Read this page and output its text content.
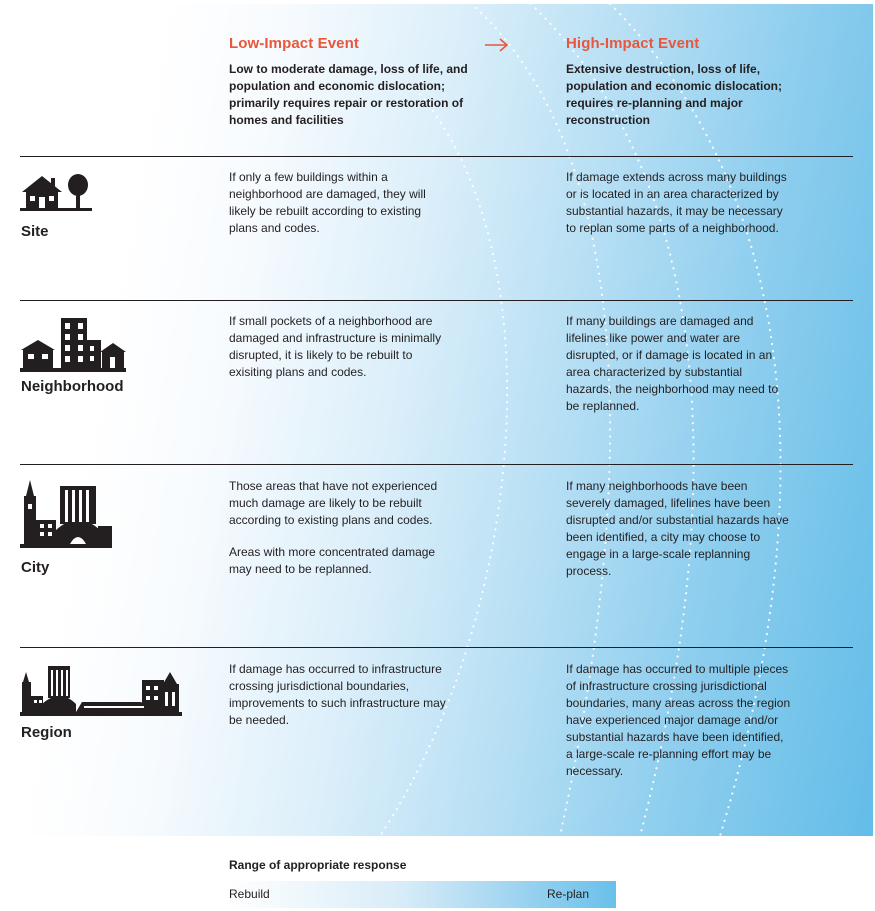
Low-Impact Event
Low to moderate damage, loss of life, and population and economic dislocation; primarily requires repair or restoration of homes and facilities
High-Impact Event
Extensive destruction, loss of life, population and economic dislocation; requires re-planning and major reconstruction
Site

If only a few buildings within a neighborhood are damaged, they will likely be rebuilt according to existing plans and codes.

If damage extends across many buildings or is located in an area characterized by substantial hazards, it may be necessary to replan some parts of a neighborhood.

Neighborhood

If small pockets of a neighborhood are damaged and infrastructure is minimally disrupted, it is likely to be rebuilt to exisiting plans and codes.

If many buildings are damaged and lifelines like power and water are disrupted, or if damage is located in an area characterized by substantial hazards, the neighborhood may need to be replanned.

City

Those areas that have not experienced much damage are likely to be rebuilt according to existing plans and codes.

Areas with more concentrated damage may need to be replanned.

If many neighborhoods have been severely damaged, lifelines have been disrupted and/or substantial hazards have been identified, a city may choose to engage in a large-scale replanning process.

Region

If damage has occurred to infrastructure crossing jurisdictional boundaries, improvements to such infrastructure may be needed.

If damage has occurred to multiple pieces of infrastructure crossing jurisdictional boundaries, many areas across the region have experienced major damage and/or substantial hazards have been identified, a large-scale re-planning effort may be necessary.

Range of appropriate response
Rebuild	Re-plan
